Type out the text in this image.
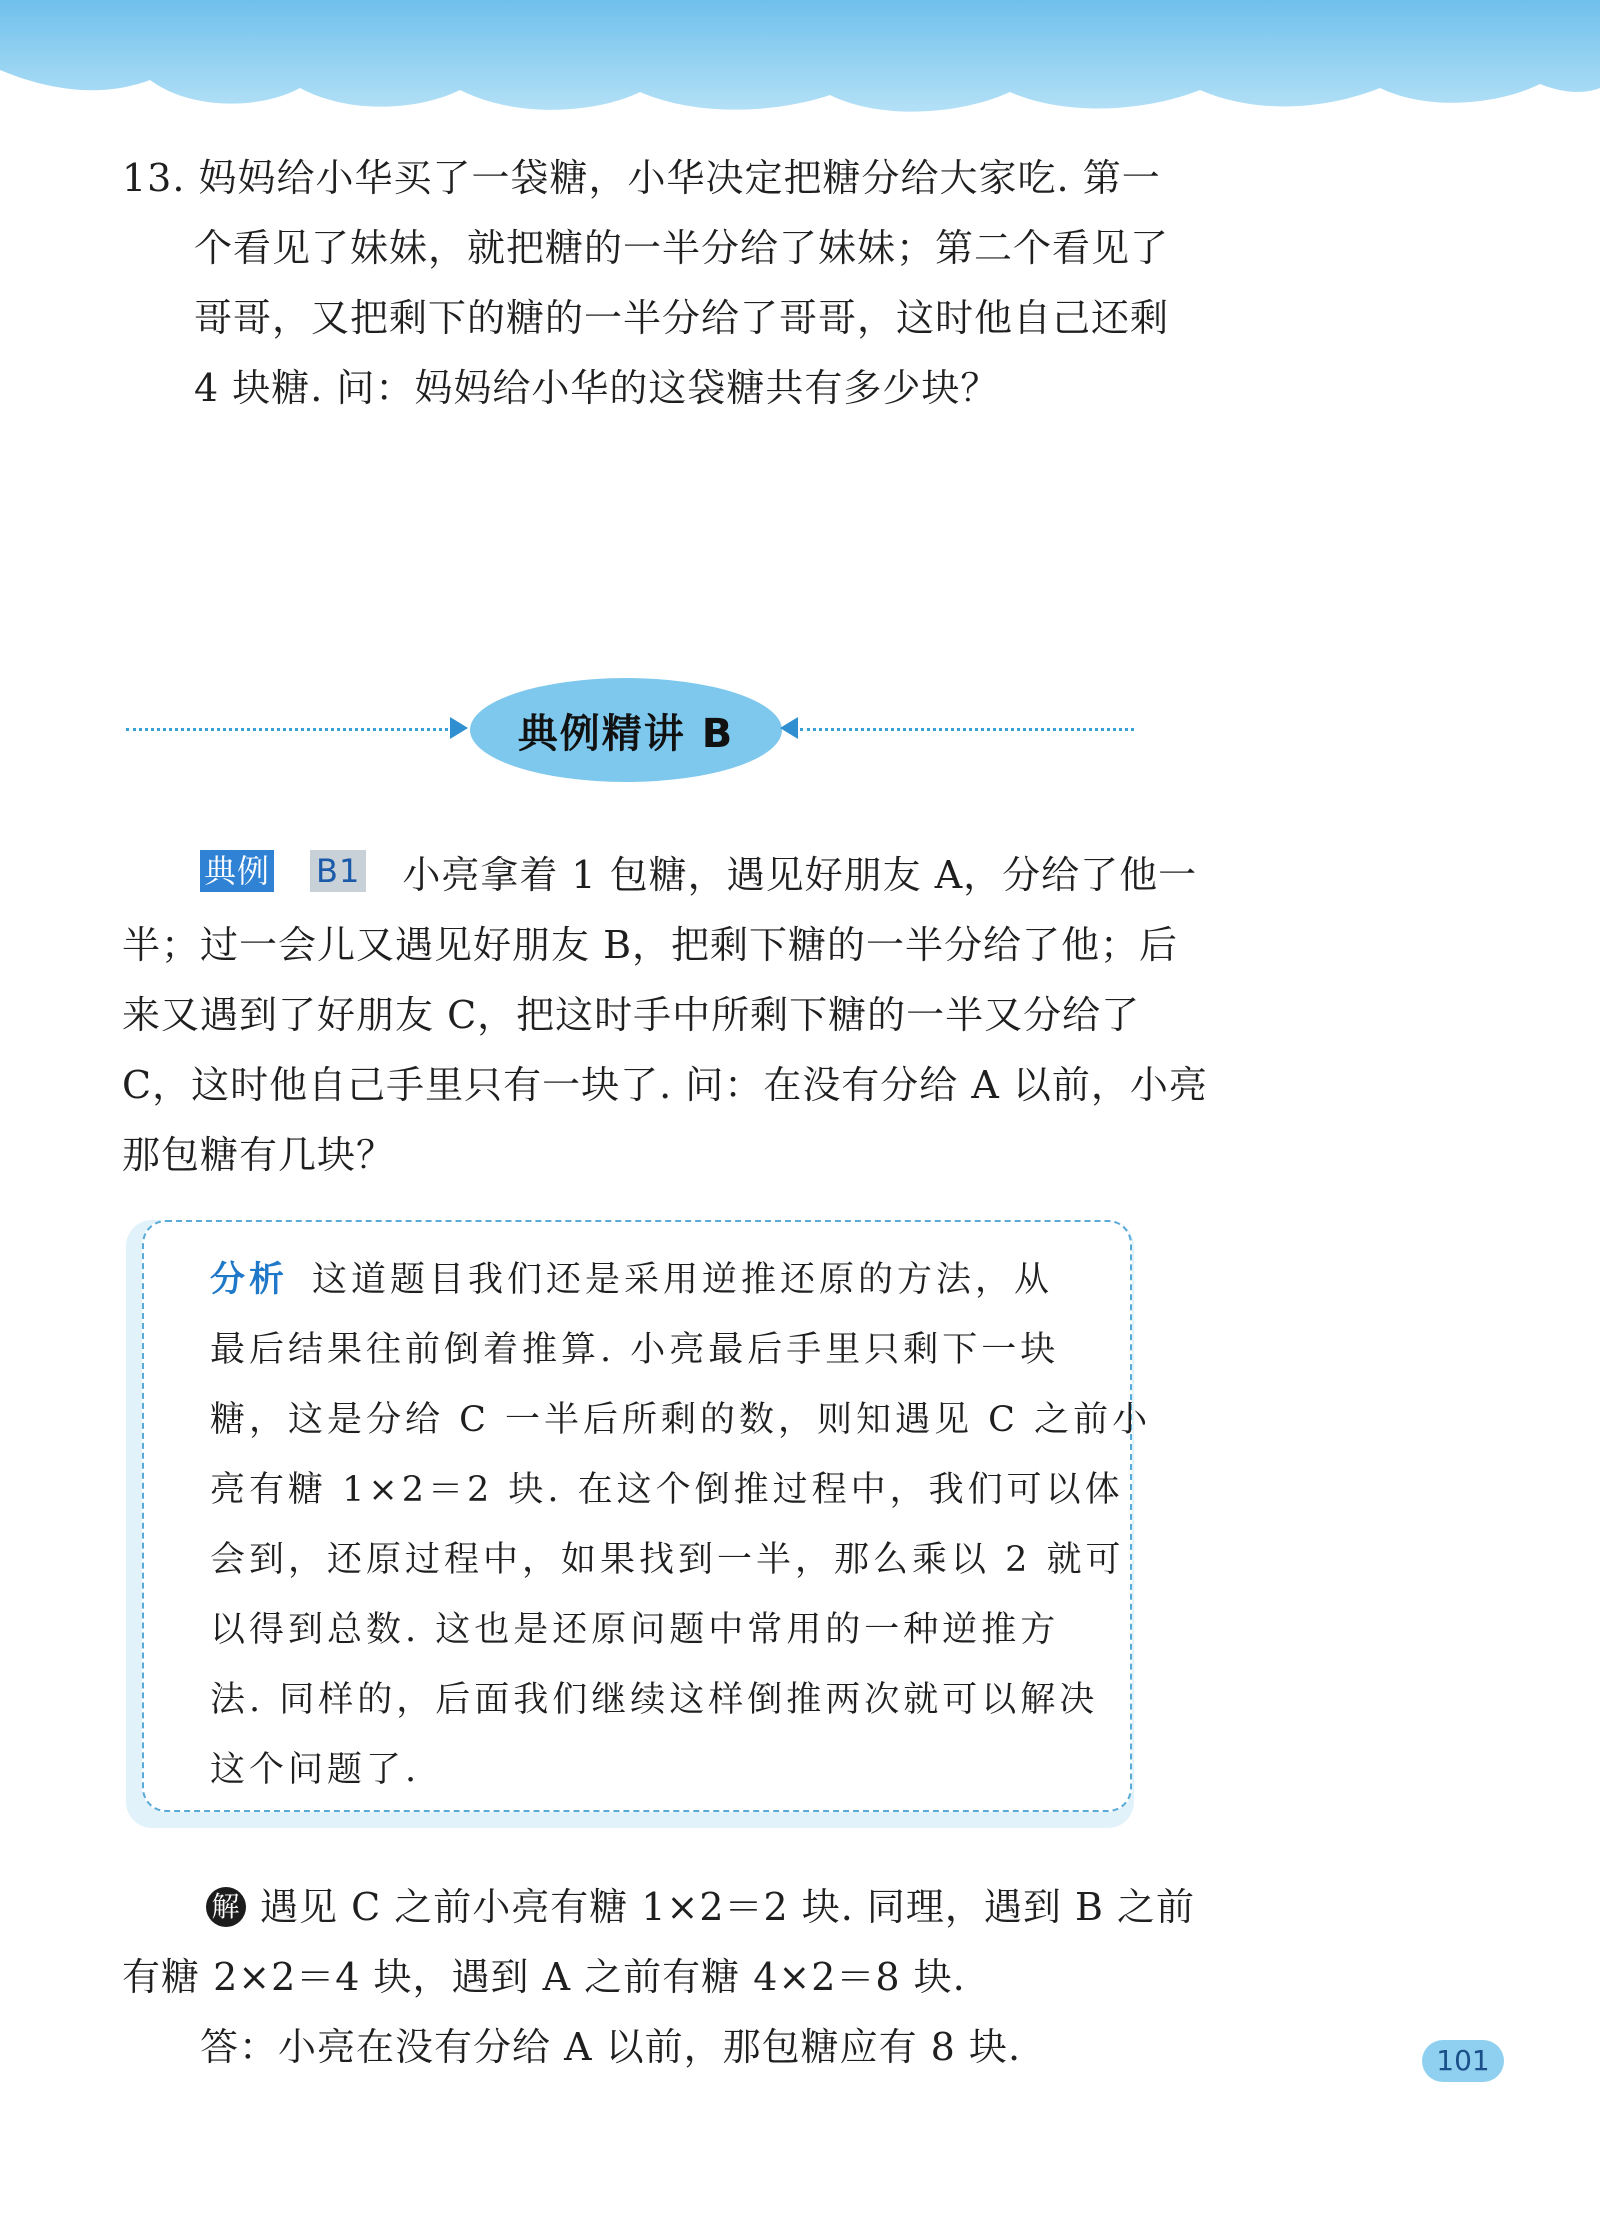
13. 妈妈给小华买了一袋糖，小华决定把糖分给大家吃. 第一
个看见了妹妹，就把糖的一半分给了妹妹；第二个看见了
哥哥，又把剩下的糖的一半分给了哥哥，这时他自己还剩
4 块糖. 问：妈妈给小华的这袋糖共有多少块？
典例精讲 B
典例 B1 小亮拿着 1 包糖，遇见好朋友 A，分给了他一
半；过一会儿又遇见好朋友 B，把剩下糖的一半分给了他；后
来又遇到了好朋友 C，把这时手中所剩下糖的一半又分给了
C，这时他自己手里只有一块了. 问：在没有分给 A 以前，小亮
那包糖有几块？
分析 这道题目我们还是采用逆推还原的方法，从
最后结果往前倒着推算. 小亮最后手里只剩下一块
糖，这是分给 C 一半后所剩的数，则知遇见 C 之前小
亮有糖 1×2＝2 块. 在这个倒推过程中，我们可以体
会到，还原过程中，如果找到一半，那么乘以 2 就可
以得到总数. 这也是还原问题中常用的一种逆推方
法. 同样的，后面我们继续这样倒推两次就可以解决
这个问题了.
解 遇见 C 之前小亮有糖 1×2＝2 块. 同理，遇到 B 之前
有糖 2×2＝4 块，遇到 A 之前有糖 4×2＝8 块.
答：小亮在没有分给 A 以前，那包糖应有 8 块.	101
